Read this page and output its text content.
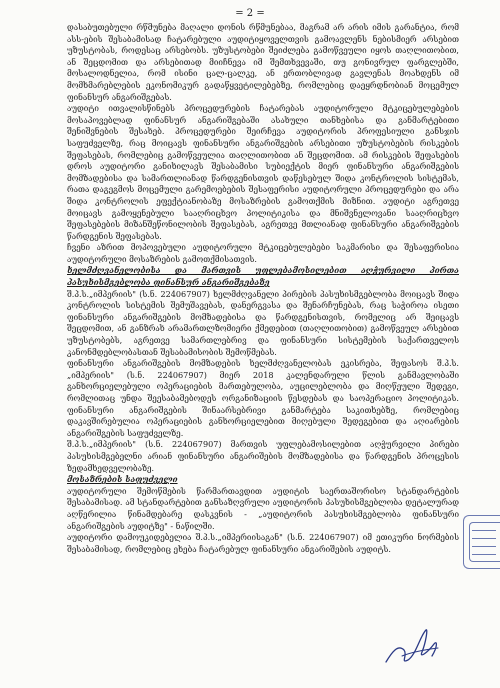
= 2 =

დასაბუთებული რწმუნება მაღალი დონის რწმუნებაა, მაგრამ არ არის იმის გარანტია, რომ ასს-ების შესაბამისად ჩატარებული აუდიტიყოველთვის გამოავლენს ნებისმიერ არსებით უზუსტობას, როდესაც არსებობს. უზუსტობები შეიძლება გამოწვეული იყოს თაღლითობით, ან შეცდომით და არსებითად მიიჩნევა იმ შემთხვევაში, თუ გონივრულ ფარგლებში, მოსალოდნელია, რომ ისინი ცალ-ცალკე, ან ერთობლივად გავლენას მოახდენს იმ მომხმარებლების ეკონომიკურ გადაწყვეტილებებზე, რომლებიც დაეყრდნობიან მოცემულ ფინანსურ ანგარიშგებას.

აუდიტი ითვალისწინებს პროცედურების ჩატარებას აუდიტორული მტკიცებულებების მოსაპოვებლად ფინანსურ ანგარიშგებაში ასახული თანხებისა და განმარტებითი შენიშვნების შესახებ. პროცედურები შეირჩევა აუდიტორის პროფესიული განსჯის საფუძველზე, რაც მოიცავს ფინანსური ანგარიშგების არსებითი უზუსტობების რისკების შეფასებას, რომლებიც გამოწვეულია თაღლითობით ან შეცდომით. ამ რისკების შეფასების დროს აუდიტორი განიხილავს შესაბამისი სუბიექტის მიერ ფინანსური ანგარიშგების მომზადებისა და სამართლიანად წარდგენისთვის დაწესებულ შიდა კონტროლის სისტემას, რათა დაგეგმოს მოცემული გარემოებების შესაფერისი აუდიტორული პროცედურები და არა შიდა კონტროლის ეფექტიანობაზე მოსაზრების გამოთქმის მიზნით. აუდიტი აგრეთვე მოიცავს გამოყენებული სააღრიცხვო პოლიტიკისა და მნიშვნელოვანი სააღრიცხვო შეფასებების მიზანშეწონილობის შეფასებას, აგრეთვე მთლიანად ფინანსური ანგარიშგების წარდგენის შეფასებას.

ჩვენი აზრით მოპოვებული აუდიტორული მტკიცებულებები საკმარისი და შესაფერისია აუდიტორული მოსაზრების გამოთქმისათვის.

ხელმძღვანელობისა და მართვის უფლებამოსილებით აღჭურვილი პირთა პასუხისმგებლობა ფინანსურ ანგარიშგებაზე

შ.პ.ს.„იმპერიის" (ს.ნ. 224067907) ხელმძღვანელი პირების პასუხისმგებლობა მოიცავს შიდა კონტროლის სისტემის შემუშავებას, დანერგვასა და შენარჩუნებას, რაც საჭიროა ისეთი ფინანსური ანგარიშგების მომზადებისა და წარდგენისთვის, რომელიც არ შეიცავს შეცდომით, ან განზრახ არამართლზომიერი ქმედებით (თაღლითობით) გამოწვეულ არსებით უზუსტობებს, აგრეთვე სამართლებრივ და ფინანსური სისტემების საქართველოს კანონმდებლობასთან შესაბამისობის შემოწმებას.

ფინანსური ანგარიშგების მომზადების ხელმძღვანელობას ეკისრება, შეფასოს შ.პ.ს.„იმპერიის" (ს.ნ. 224067907) მიერ 2018 კალენდარული წლის განმავლობაში განხორციელებული ოპერაციების მართებულობა, აუცილებლობა და მიღწეული შედეგი, რომლითაც უნდა შეესაბამებოდეს ორგანიზაციის წესდებას და საოპერაციო პოლიტიკას. ფინანსური ანგარიშგების შინაარსებრივი განმარტება საკითხებზე, რომლებიც დაკავშირებულია ოპერაციების განხორციელებით მიღებული შედეგებით და აღიარების ანგარიშგების საფუძველზე.

შ.პ.ს.„იმპერიის" (ს.ნ. 224067907) მართვის უფლებამოსილებით აღჭურვილი პირები პასუხისმგებელნი არიან ფინანსური ანგარიშების მომზადებისა და წარდგენის პროცესის ზედამხედველობაზე.

მოსაზრების საფუძველი

აუდიტორული შემოწმების წარმართავდით აუდიტის საერთაშორისო სტანდარტების შესაბამისად. ამ სტანდარტებით განსაზღვრული აუდიტორის პასუხისმგებლობა დეტალურად აღწერილია წინამდებარე დასკვნის - „აუდიტორის პასუხისმგებლობა ფინანსური ანგარიშგების აუდიტზე" - ნაწილში.

აუდიტორი დამოუკიდებელია შ.პ.ს.„იმპერიისაგან" (ს.ნ. 224067907) იმ ეთიკური ნორმების შესაბამისად, რომლებიც ეხება ჩატარებულ ფინანსური ანგარიშების აუდიტს.
